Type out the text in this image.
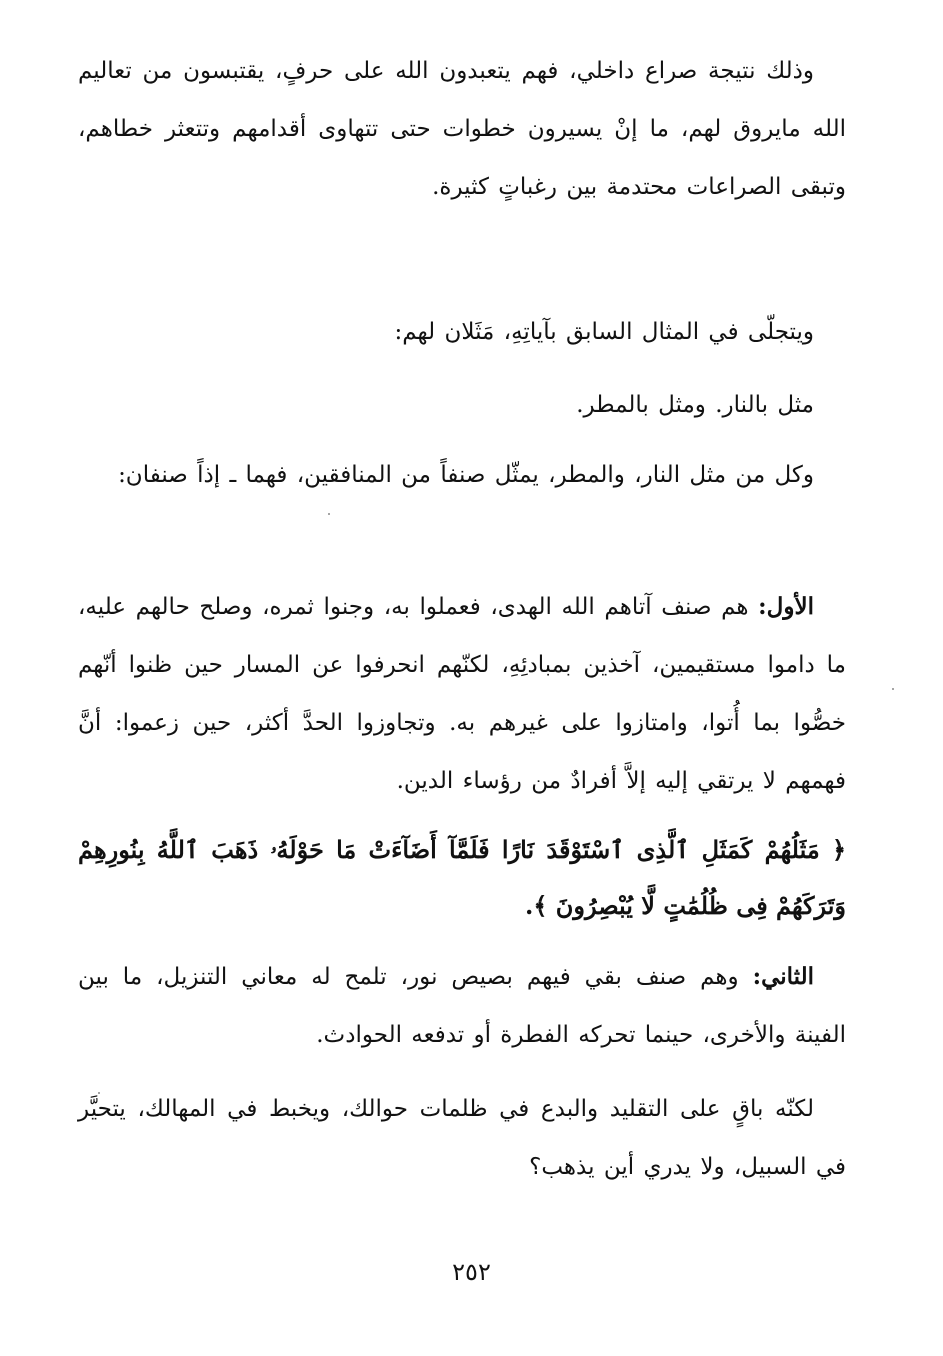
وذلك نتيجة صراع داخلي، فهم يتعبدون الله على حرفٍ، يقتبسون من تعاليم الله مايروق لهم، ما إنْ يسيرون خطوات حتى تتهاوى أقدامهم وتتعثر خطاهم، وتبقى الصراعات محتدمة بين رغباتٍ كثيرة.

ويتجلّى في المثال السابق بآياتِهِ، مَثَلان لهم:

مثل بالنار. ومثل بالمطر.

وكل من مثل النار، والمطر، يمثّل صنفاً من المنافقين، فهما ـ إذاً صنفان:

الأول: هم صنف آتاهم الله الهدى، فعملوا به، وجنوا ثمره، وصلح حالهم عليه، ما داموا مستقيمين، آخذين بمبادئِهِ، لكنّهم انحرفوا عن المسار حين ظنوا أنّهم خصُّوا بما أُتوا، وامتازوا على غيرهم به. وتجاوزوا الحدَّ أكثر، حين زعموا: أنَّ فهمهم لا يرتقي إليه إلاَّ أفرادٌ من رؤساء الدين.

﴿ مَثَلُهُمْ كَمَثَلِ ٱلَّذِى ٱسْتَوْقَدَ نَارًا فَلَمَّآ أَضَآءَتْ مَا حَوْلَهُۥ ذَهَبَ ٱللَّهُ بِنُورِهِمْ وَتَرَكَهُمْ فِى ظُلُمَٰتٍ لَّا يُبْصِرُونَ ﴾.

الثاني: وهم صنف بقي فيهم بصيص نور، تلمح له معاني التنزيل، ما بين الفينة والأخرى، حينما تحركه الفطرة أو تدفعه الحوادث.

لكنّه باقٍ على التقليد والبدع في ظلمات حوالك، ويخبط في المهالك، يتحيَّر في السبيل، ولا يدري أين يذهب؟

٢٥٢
